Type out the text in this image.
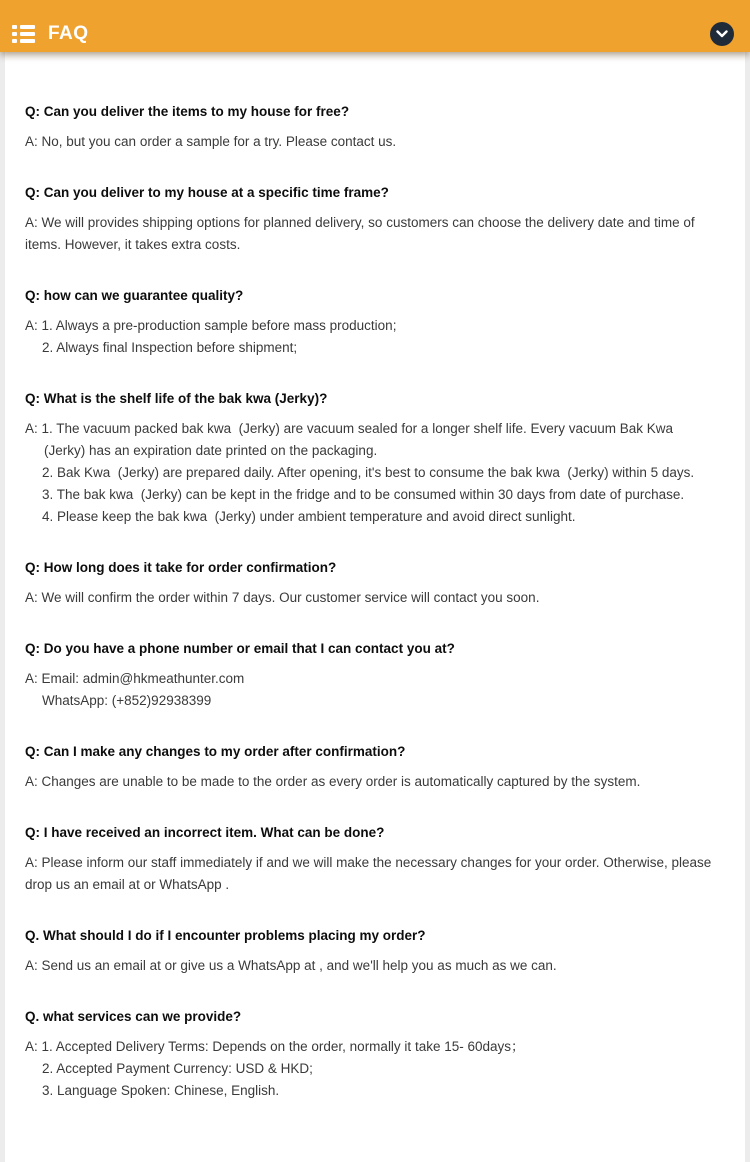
FAQ
Q: Can you deliver the items to my house for free?
A: No, but you can order a sample for a try. Please contact us.
Q: Can you deliver to my house at a specific time frame?
A: We will provides shipping options for planned delivery, so customers can choose the delivery date and time of items. However, it takes extra costs.
Q: how can we guarantee quality?
A: 1. Always a pre-production sample before mass production;
2. Always final Inspection before shipment;
Q: What is the shelf life of the bak kwa (Jerky)?
A: 1. The vacuum packed bak kwa  (Jerky) are vacuum sealed for a longer shelf life. Every vacuum Bak Kwa
(Jerky) has an expiration date printed on the packaging.
2. Bak Kwa  (Jerky) are prepared daily. After opening, it's best to consume the bak kwa  (Jerky) within 5 days.
3. The bak kwa  (Jerky) can be kept in the fridge and to be consumed within 30 days from date of purchase.
4. Please keep the bak kwa  (Jerky) under ambient temperature and avoid direct sunlight.
Q: How long does it take for order confirmation?
A: We will confirm the order within 7 days. Our customer service will contact you soon.
Q: Do you have a phone number or email that I can contact you at?
A: Email: admin@hkmeathunter.com
WhatsApp: (+852)92938399
Q: Can I make any changes to my order after confirmation?
A: Changes are unable to be made to the order as every order is automatically captured by the system.
Q: I have received an incorrect item. What can be done?
A: Please inform our staff immediately if and we will make the necessary changes for your order. Otherwise, please drop us an email at or WhatsApp .
Q. What should I do if I encounter problems placing my order?
A: Send us an email at or give us a WhatsApp at , and we'll help you as much as we can.
Q. what services can we provide?
A: 1. Accepted Delivery Terms: Depends on the order, normally it take 15- 60days；
2. Accepted Payment Currency: USD & HKD;
3. Language Spoken: Chinese, English.
